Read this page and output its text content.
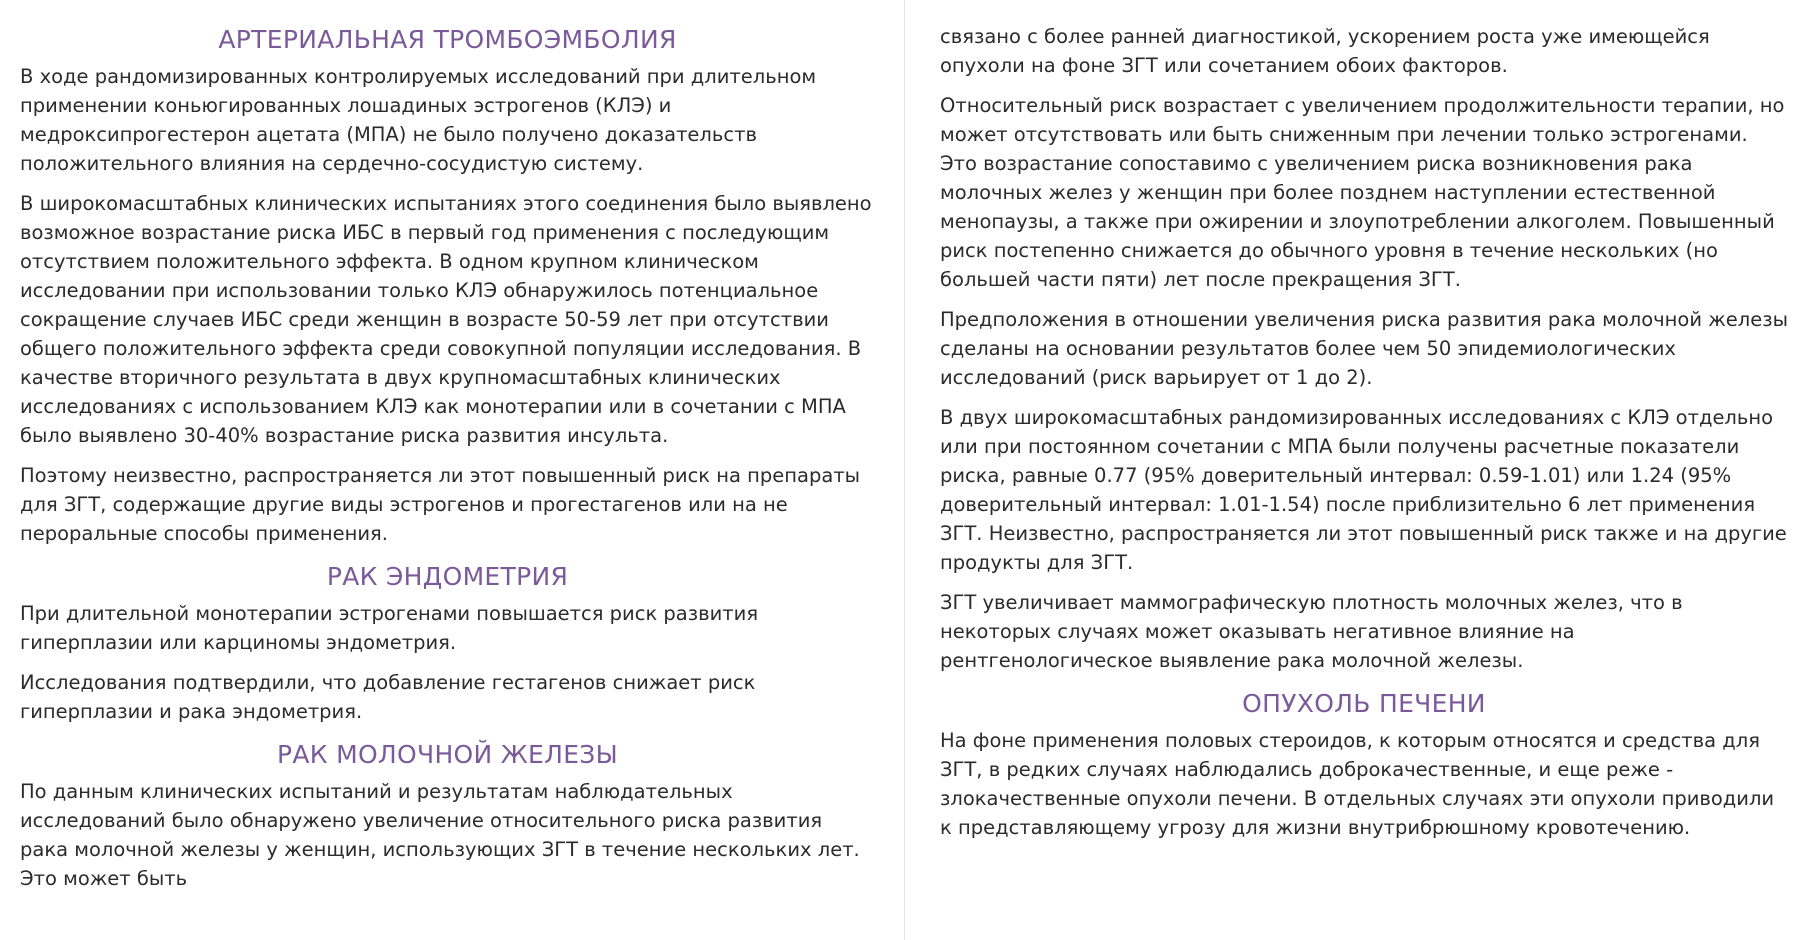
АРТЕРИАЛЬНАЯ ТРОМБОЭМБОЛИЯ

В ходе рандомизированных контролируемых исследований при длительном применении коньюгированных лошадиных эстрогенов (КЛЭ) и медроксипрогестерон ацетата (МПА) не было получено доказательств положительного влияния на сердечно-сосудистую систему.

В широкомасштабных клинических испытаниях этого соединения было выявлено возможное возрастание риска ИБС в первый год применения с последующим отсутствием положительного эффекта. В одном крупном клиническом исследовании при использовании только КЛЭ обнаружилось потенциальное сокращение случаев ИБС среди женщин в возрасте 50-59 лет при отсутствии общего положительного эффекта среди совокупной популяции исследования. В качестве вторичного результата в двух крупномасштабных клинических исследованиях с использованием КЛЭ как монотерапии или в сочетании с МПА было выявлено 30-40% возрастание риска развития инсульта.

Поэтому неизвестно, распространяется ли этот повышенный риск на препараты для ЗГТ, содержащие другие виды эстрогенов и прогестагенов или на не пероральные способы применения.

РАК ЭНДОМЕТРИЯ

При длительной монотерапии эстрогенами повышается риск развития гиперплазии или карциномы эндометрия.

Исследования подтвердили, что добавление гестагенов снижает риск гиперплазии и рака эндометрия.

РАК МОЛОЧНОЙ ЖЕЛЕЗЫ

По данным клинических испытаний и результатам наблюдательных исследований было обнаружено увеличение относительного риска развития рака молочной железы у женщин, использующих ЗГТ в течение нескольких лет. Это может быть

связано с более ранней диагностикой, ускорением роста уже имеющейся опухоли на фоне ЗГТ или сочетанием обоих факторов.

Относительный риск возрастает с увеличением продолжительности терапии, но может отсутствовать или быть сниженным при лечении только эстрогенами. Это возрастание сопоставимо с увеличением риска возникновения рака молочных желез у женщин при более позднем наступлении естественной менопаузы, а также при ожирении и злоупотреблении алкоголем. Повышенный риск постепенно снижается до обычного уровня в течение нескольких (но большей части пяти) лет после прекращения ЗГТ.

Предположения в отношении увеличения риска развития рака молочной железы сделаны на основании результатов более чем 50 эпидемиологических исследований (риск варьирует от 1 до 2).

В двух широкомасштабных рандомизированных исследованиях с КЛЭ отдельно или при постоянном сочетании с МПА были получены расчетные показатели риска, равные 0.77 (95% доверительный интервал: 0.59-1.01) или 1.24 (95% доверительный интервал: 1.01-1.54) после приблизительно 6 лет применения ЗГТ. Неизвестно, распространяется ли этот повышенный риск также и на другие продукты для ЗГТ.

ЗГТ увеличивает маммографическую плотность молочных желез, что в некоторых случаях может оказывать негативное влияние на рентгенологическое выявление рака молочной железы.

ОПУХОЛЬ ПЕЧЕНИ

На фоне применения половых стероидов, к которым относятся и средства для ЗГТ, в редких случаях наблюдались доброкачественные, и еще реже - злокачественные опухоли печени. В отдельных случаях эти опухоли приводили к представляющему угрозу для жизни внутрибрюшному кровотечению.
